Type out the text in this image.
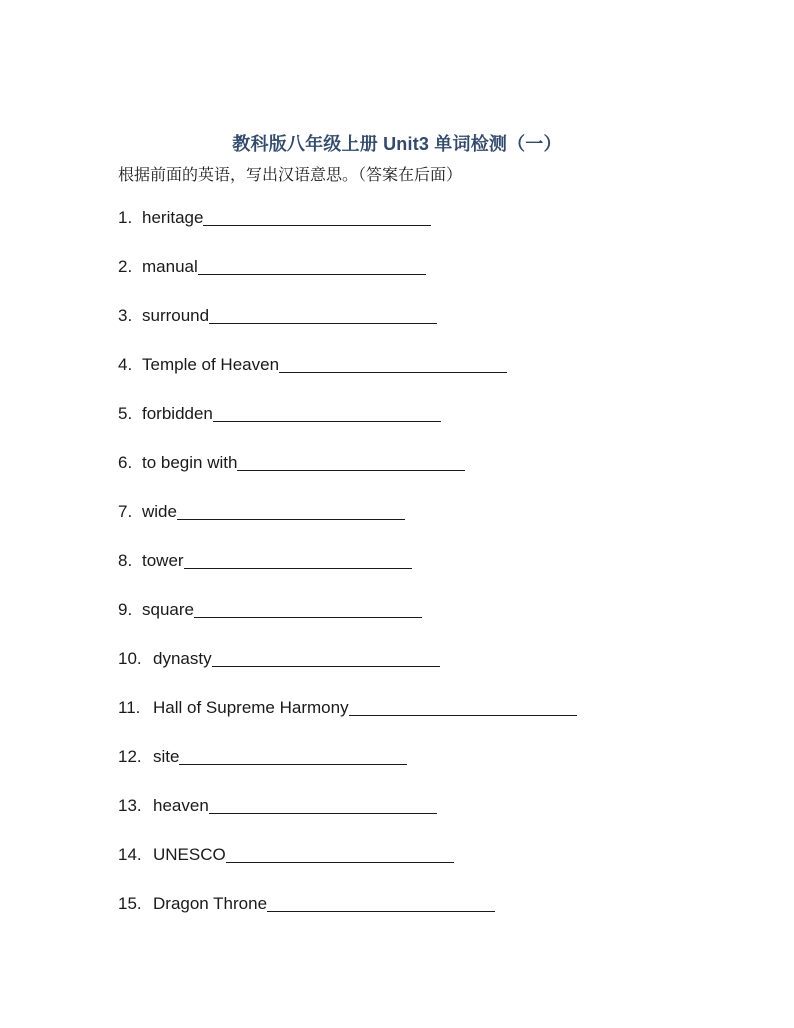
教科版八年级上册 Unit3 单词检测（一）
根据前面的英语，写出汉语意思。（答案在后面）
1. heritage
2. manual
3. surround
4. Temple of Heaven
5. forbidden
6. to begin with
7. wide
8. tower
9. square
10. dynasty
11. Hall of Supreme Harmony
12. site
13. heaven
14. UNESCO
15. Dragon Throne
